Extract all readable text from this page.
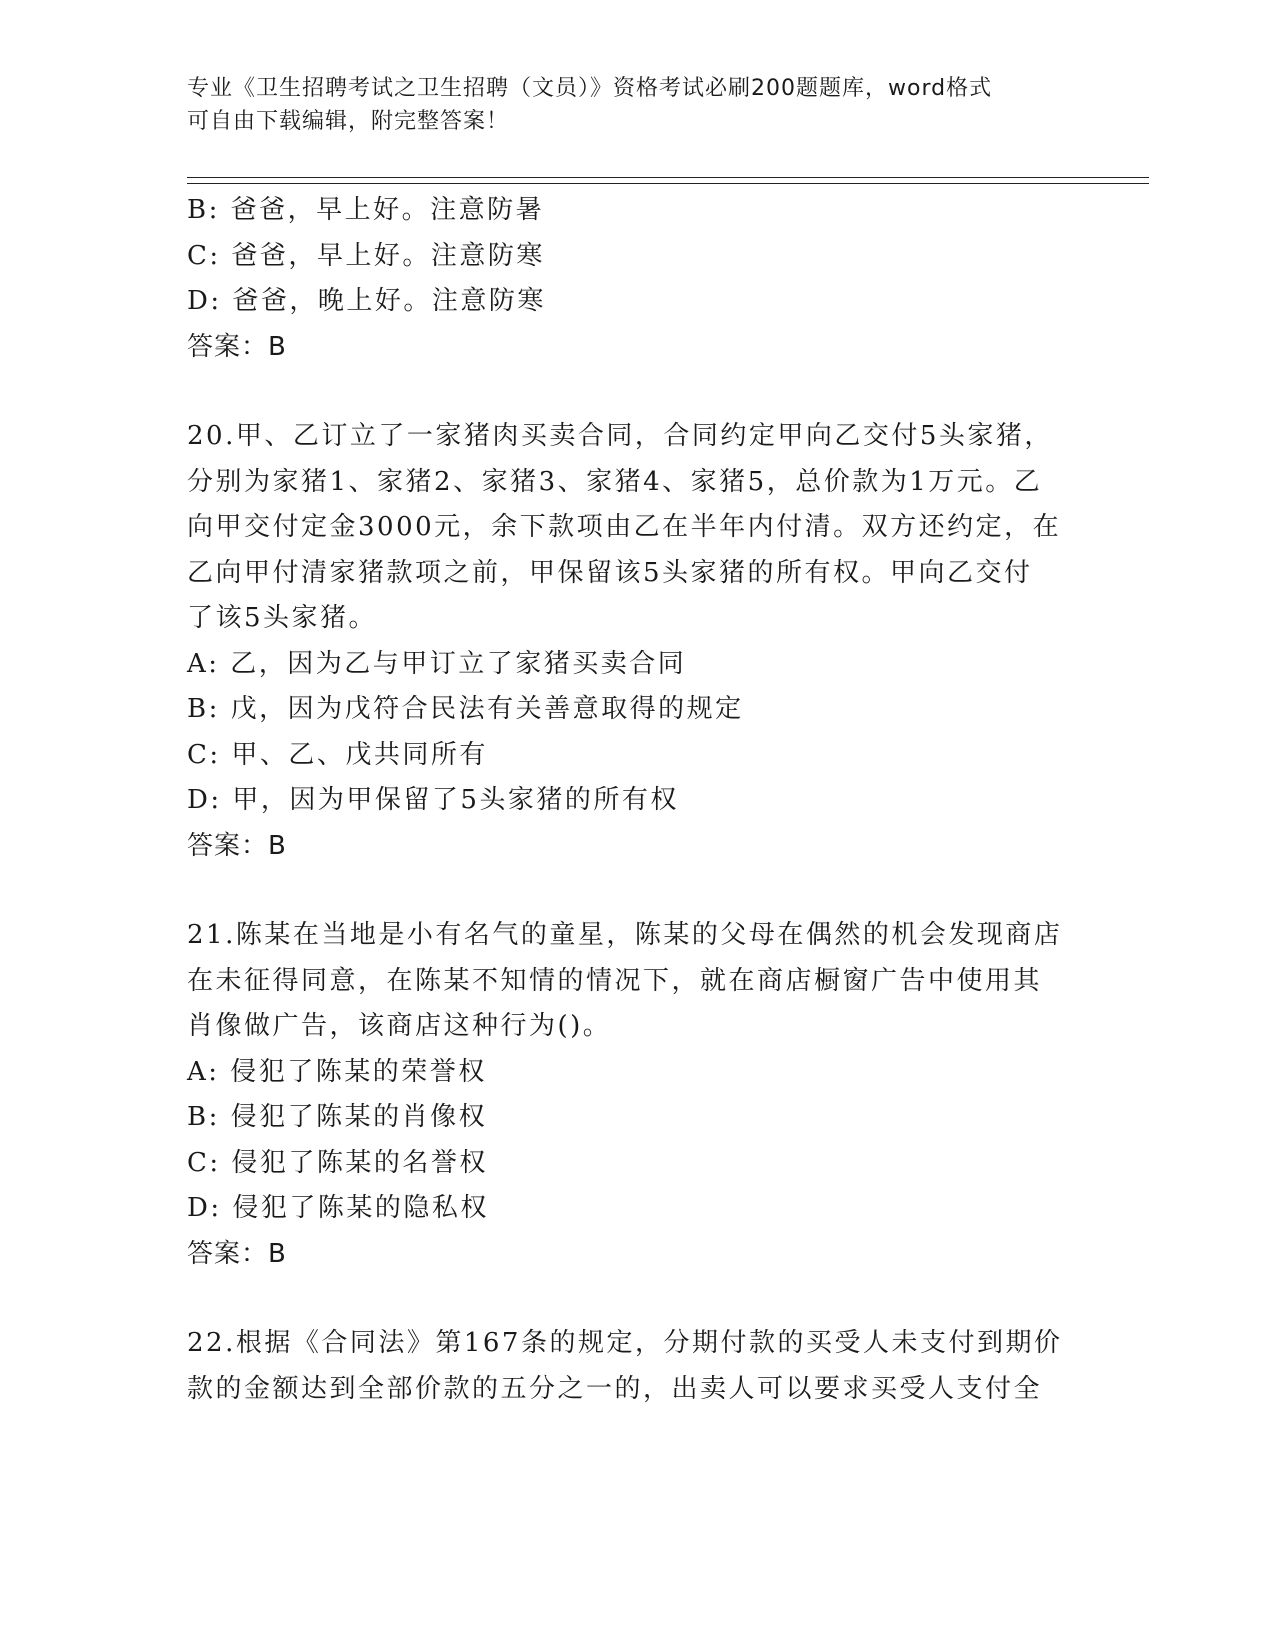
专业《卫生招聘考试之卫生招聘（文员）》资格考试必刷200题题库，word格式
可自由下载编辑，附完整答案！
B: 爸爸，早上好。注意防暑
C: 爸爸，早上好。注意防寒
D: 爸爸，晚上好。注意防寒
答案：B
20.甲、乙订立了一家猪肉买卖合同，合同约定甲向乙交付5头家猪，
分别为家猪1、家猪2、家猪3、家猪4、家猪5，总价款为1万元。乙
向甲交付定金3000元，余下款项由乙在半年内付清。双方还约定，在
乙向甲付清家猪款项之前，甲保留该5头家猪的所有权。甲向乙交付
了该5头家猪。
A: 乙，因为乙与甲订立了家猪买卖合同
B: 戊，因为戊符合民法有关善意取得的规定
C: 甲、乙、戊共同所有
D: 甲，因为甲保留了5头家猪的所有权
答案：B
21.陈某在当地是小有名气的童星，陈某的父母在偶然的机会发现商店
在未征得同意，在陈某不知情的情况下，就在商店橱窗广告中使用其
肖像做广告，该商店这种行为()。
A: 侵犯了陈某的荣誉权
B: 侵犯了陈某的肖像权
C: 侵犯了陈某的名誉权
D: 侵犯了陈某的隐私权
答案：B
22.根据《合同法》第167条的规定，分期付款的买受人未支付到期价
款的金额达到全部价款的五分之一的，出卖人可以要求买受人支付全
